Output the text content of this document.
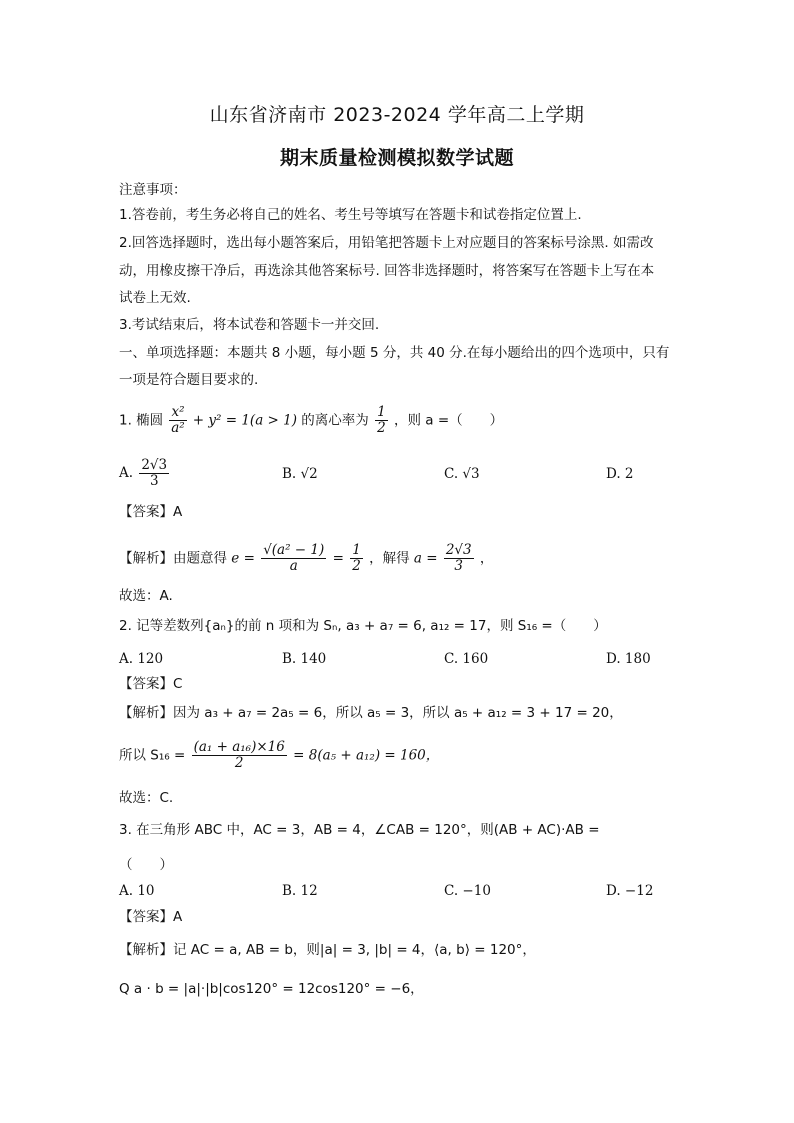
山东省济南市 2023-2024 学年高二上学期
期末质量检测模拟数学试题
注意事项：
1.答卷前，考生务必将自己的姓名、考生号等填写在答题卡和试卷指定位置上.
2.回答选择题时，选出每小题答案后，用铅笔把答题卡上对应题目的答案标号涂黑. 如需改
动，用橡皮擦干净后，再选涂其他答案标号. 回答非选择题时，将答案写在答题卡上写在本
试卷上无效.
3.考试结束后，将本试卷和答题卡一并交回.
一、单项选择题：本题共 8 小题，每小题 5 分，共 40 分.在每小题给出的四个选项中，只有
一项是符合题目要求的.
1. 椭圆 $\frac{\text{x²}}{\text{a²}} + y^2 = 1(a > 1)$ 的离心率为 $\frac{1}{2}$ ，则 a =（　　）
A. $\frac{2√3}{3}$	B. √2	C. √3	D. 2
【答案】A
【解析】由题意得 $e = \frac{\text{√(a² − 1)}}{a} = \frac{1}{2}$ ，解得 $a = \frac{2√3}{3}$ ，
故选：A.
2. 记等差数列{aₙ}的前 n 项和为 Sₙ, a₃ + a₇ = 6, a₁₂ = 17，则 S₁₆ =（　　）
A. 120	B. 140	C. 160	D. 180
【答案】C
【解析】因为 a₃ + a₇ = 2a₅ = 6，所以 a₅ = 3，所以 a₅ + a₁₂ = 3 + 17 = 20，
所以 $S_{16} = \frac{\text{(a₁ + a₁₆)×16}}{2} = 8(a_5 + a_{12}) = 160$，
故选：C.
3. 在三角形 ABC 中，AC = 3，AB = 4，∠CAB = 120°，则(AB + AC)·AB =
（　　）
A. 10	B. 12	C. −10	D. −12
【答案】A
【解析】记 AC = a, AB = b，则|a| = 3, |b| = 4，⟨a, b⟩ = 120°，
Q a · b = |a|·|b|cos120° = 12cos120° = −6，
